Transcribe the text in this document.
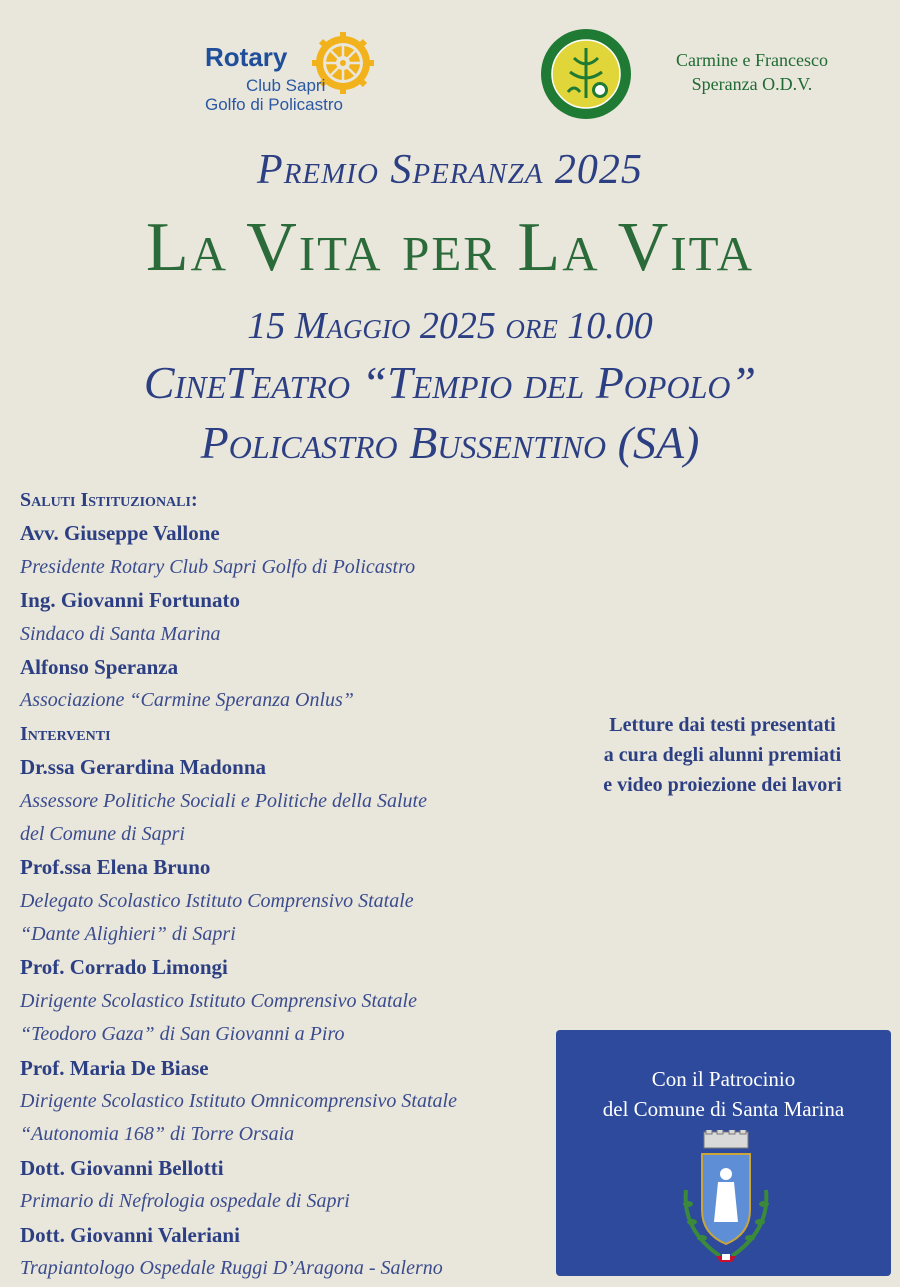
Rotary
Club Sapri
Golfo di Policastro
Carmine e Francesco
Speranza O.D.V.
Premio Speranza 2025
La Vita per La Vita
15 Maggio 2025 ore 10.00
CineTeatro “Tempio del Popolo”
Policastro Bussentino (SA)
Saluti Istituzionali:
Avv. Giuseppe Vallone
Presidente Rotary Club Sapri Golfo di Policastro
Ing. Giovanni Fortunato
Sindaco di Santa Marina
Alfonso Speranza
Associazione “Carmine Speranza Onlus”
Interventi
Dr.ssa Gerardina Madonna
Assessore Politiche Sociali e Politiche della Salute
del Comune di Sapri
Prof.ssa Elena Bruno
Delegato Scolastico Istituto Comprensivo Statale
“Dante Alighieri” di Sapri
Prof. Corrado Limongi
Dirigente Scolastico Istituto Comprensivo Statale
“Teodoro Gaza” di San Giovanni a Piro
Prof. Maria De Biase
Dirigente Scolastico Istituto Omnicomprensivo Statale
“Autonomia 168” di Torre Orsaia
Dott. Giovanni Bellotti
Primario di Nefrologia ospedale di Sapri
Dott. Giovanni Valeriani
Trapiantologo Ospedale Ruggi D’Aragona - Salerno
Letture dai testi presentati
a cura degli alunni premiati
e video proiezione dei lavori
Con il Patrocinio
del Comune di Santa Marina
